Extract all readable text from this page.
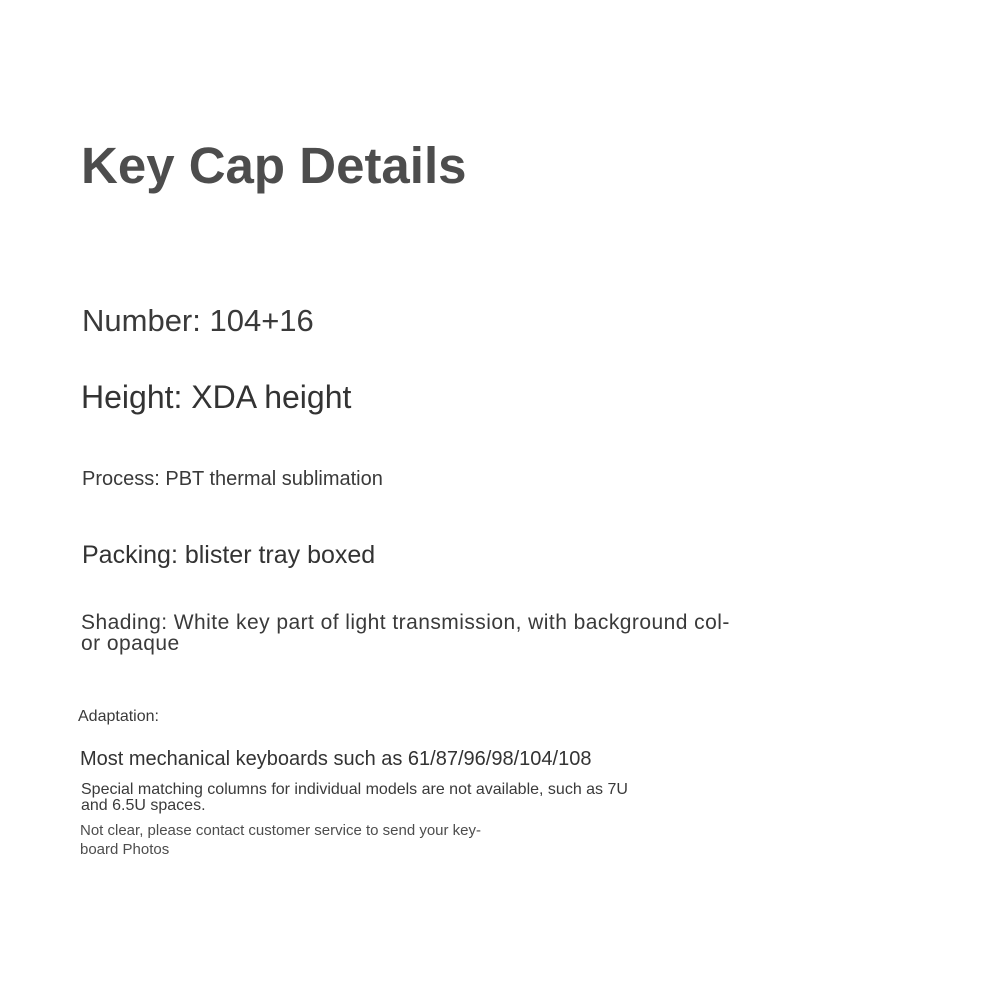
Key Cap Details
Number: 104+16
Height: XDA height
Process: PBT thermal sublimation
Packing: blister tray boxed
Shading: White key part of light transmission, with background col-
or opaque
Adaptation:
Most mechanical keyboards such as 61/87/96/98/104/108
Special matching columns for individual models are not available, such as 7U
and 6.5U spaces.
Not clear, please contact customer service to send your key-
board Photos
